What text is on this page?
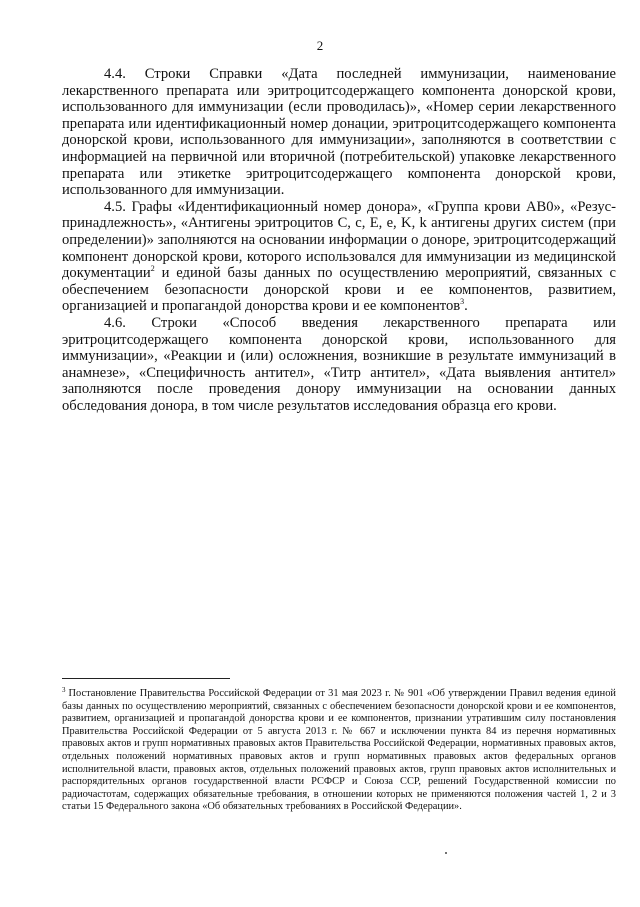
2

4.4. Строки Справки «Дата последней иммунизации, наименование лекарственного препарата или эритроцитсодержащего компонента донорской крови, использованного для иммунизации (если проводилась)», «Номер серии лекарственного препарата или идентификационный номер донации, эритроцитсодержащего компонента донорской крови, использованного для иммунизации», заполняются в соответствии с информацией на первичной или вторичной (потребительской) упаковке лекарственного препарата или этикетке эритроцитсодержащего компонента донорской крови, использованного для иммунизации.

4.5. Графы «Идентификационный номер донора», «Группа крови АВ0», «Резус-принадлежность», «Антигены эритроцитов C, c, E, e, K, k антигены других систем (при определении)» заполняются на основании информации о доноре, эритроцитсодержащий компонент донорской крови, которого использовался для иммунизации из медицинской документации$^2$ и единой базы данных по осуществлению мероприятий, связанных с обеспечением безопасности донорской крови и ее компонентов, развитием, организацией и пропагандой донорства крови и ее компонентов$^3$.

4.6. Строки «Способ введения лекарственного препарата или эритроцитсодержащего компонента донорской крови, использованного для иммунизации», «Реакции и (или) осложнения, возникшие в результате иммунизаций в анамнезе», «Специфичность антител», «Титр антител», «Дата выявления антител» заполняются после проведения донору иммунизации на основании данных обследования донора, в том числе результатов исследования образца его крови.

$^3$ Постановление Правительства Российской Федерации от 31 мая 2023 г. № 901 «Об утверждении Правил ведения единой базы данных по осуществлению мероприятий, связанных с обеспечением безопасности донорской крови и ее компонентов, развитием, организацией и пропагандой донорства крови и ее компонентов, признании утратившим силу постановления Правительства Российской Федерации от 5 августа 2013 г. № 667 и исключении пункта 84 из перечня нормативных правовых актов и групп нормативных правовых актов Правительства Российской Федерации, нормативных правовых актов, отдельных положений нормативных правовых актов и групп нормативных правовых актов федеральных органов исполнительной власти, правовых актов, отдельных положений правовых актов, групп правовых актов исполнительных и распорядительных органов государственной власти РСФСР и Союза ССР, решений Государственной комиссии по радиочастотам, содержащих обязательные требования, в отношении которых не применяются положения частей 1, 2 и 3 статьи 15 Федерального закона «Об обязательных требованиях в Российской Федерации».
